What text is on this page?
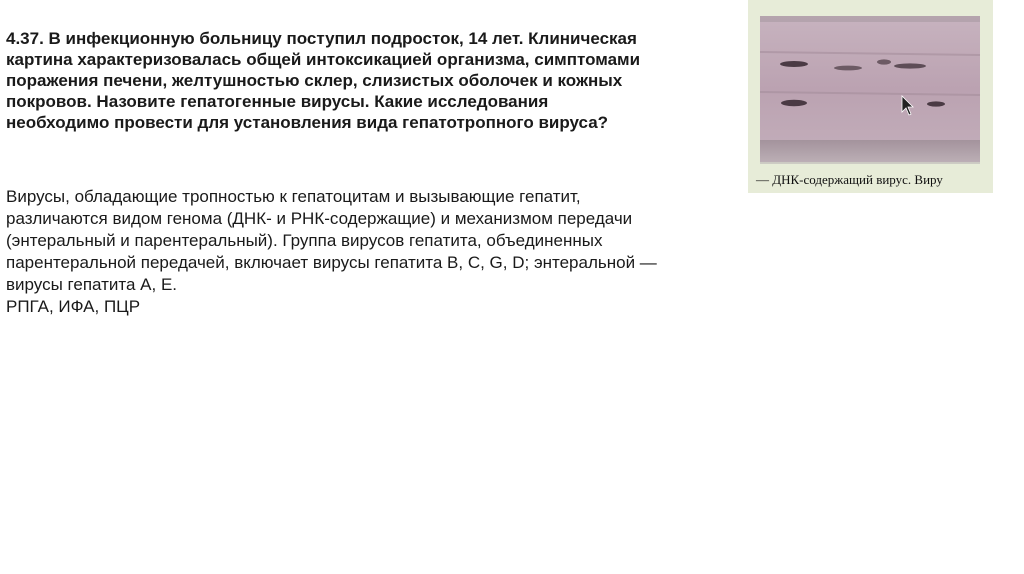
4.37. В инфекционную больницу поступил подросток, 14 лет. Клиническая

картина характеризовалась общей интоксикацией организма, симптомами

поражения печени, желтушностью склер, слизистых оболочек и кожных

покровов. Назовите гепатогенные вирусы. Какие исследования

необходимо провести для установления вида гепатотропного вируса?

Вирусы, обладающие тропностью к гепатоцитам и вызывающие гепатит,

различаются видом генома (ДНК- и РНК-содержащие) и механизмом передачи

(энтеральный и парентеральный). Группа вирусов гепатита, объединенных

парентеральной передачей, включает вирусы гепатита B, C, G, D; энтеральной —

вирусы гепатита А, Е.

РПГА, ИФА, ПЦР

— ДНК-содержащий вирус. Виру
